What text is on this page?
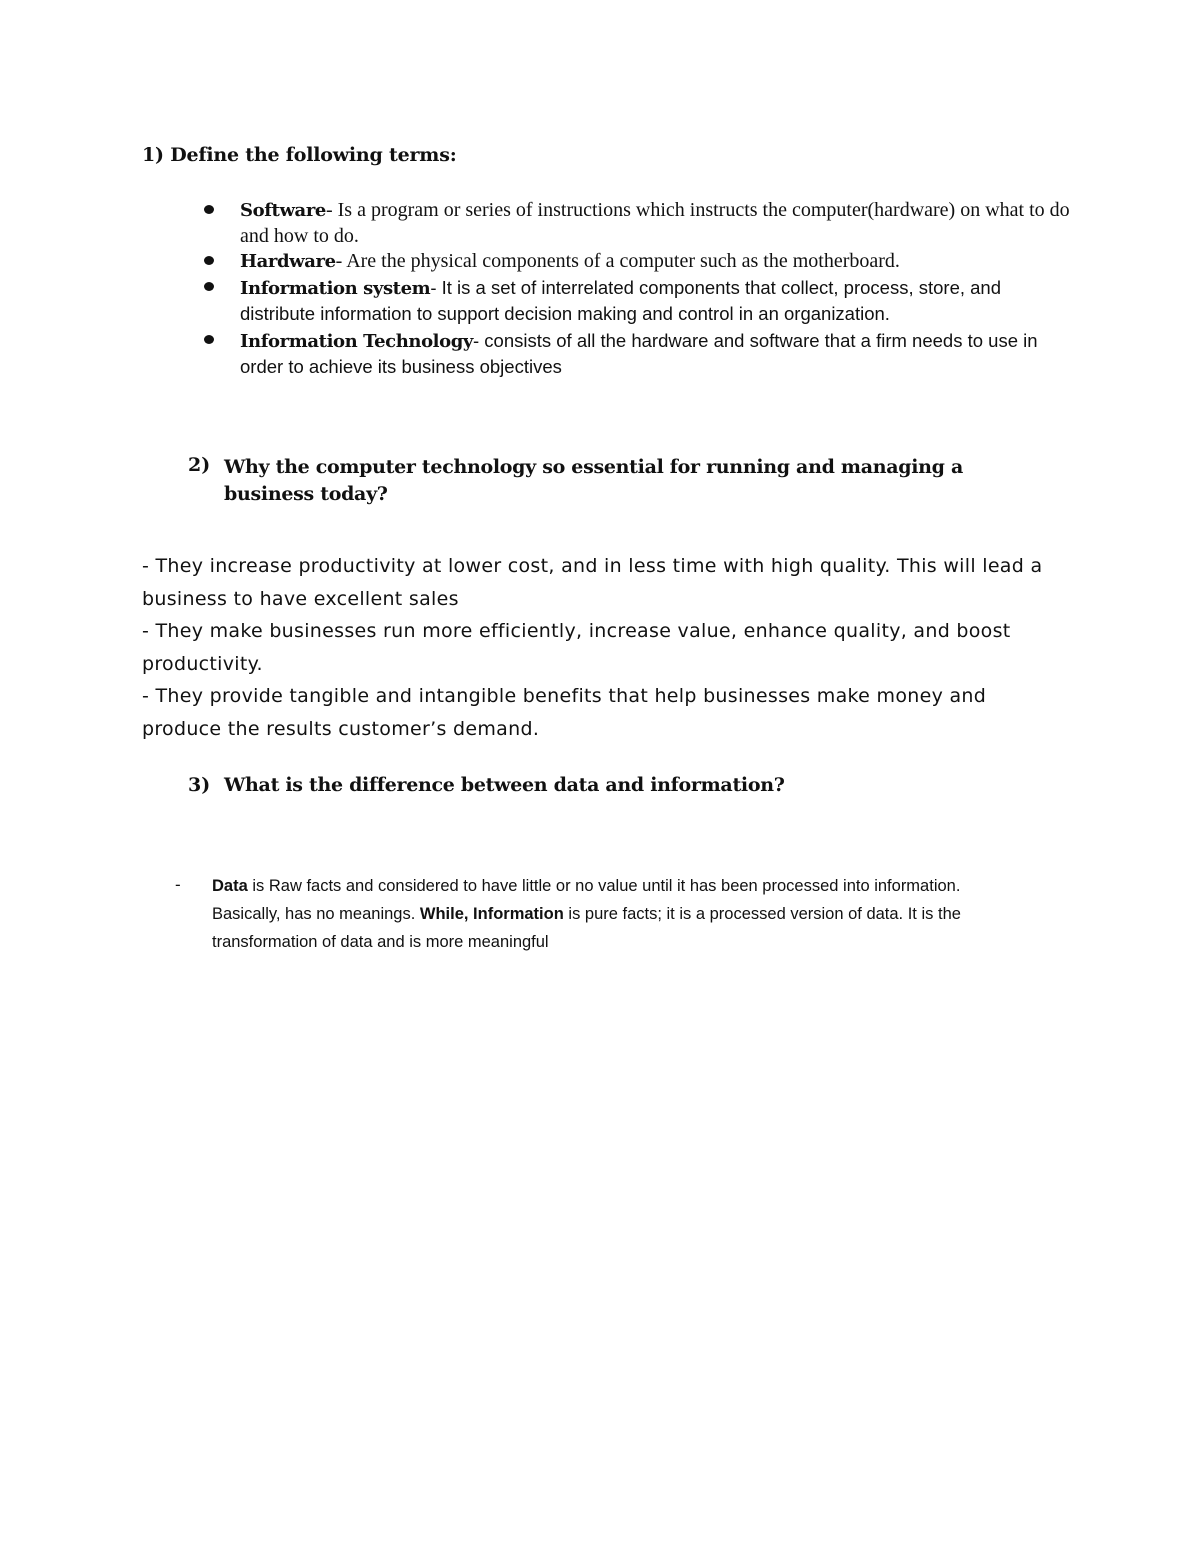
1) Define the following terms:
Software- Is a program or series of instructions which instructs the computer(hardware) on what to do and how to do.
Hardware- Are the physical components of a computer such as the motherboard.
Information system- It is a set of interrelated components that collect, process, store, and distribute information to support decision making and control in an organization.
Information Technology- consists of all the hardware and software that a firm needs to use in order to achieve its business objectives
2) Why the computer technology so essential for running and managing a business today?

- They increase productivity at lower cost, and in less time with high quality. This will lead a business to have excellent sales

- They make businesses run more efficiently, increase value, enhance quality, and boost productivity.

- They provide tangible and intangible benefits that help businesses make money and produce the results customer’s demand.

3) What is the difference between data and information?
- Data is Raw facts and considered to have little or no value until it has been processed into information. Basically, has no meanings. While, Information is pure facts; it is a processed version of data. It is the transformation of data and is more meaningful
